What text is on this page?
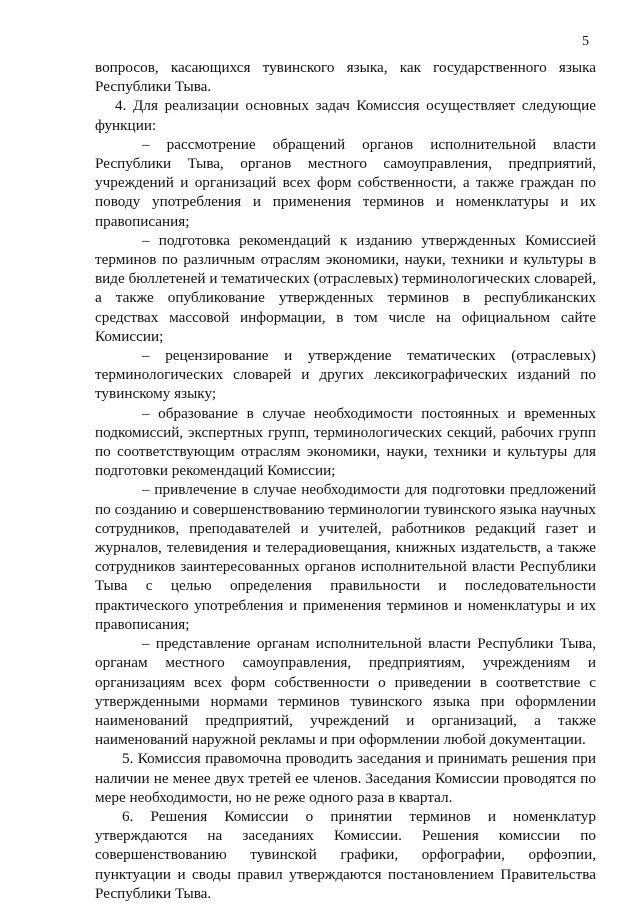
5

вопросов, касающихся тувинского языка, как государственного языка Республики Тыва.

4. Для реализации основных задач Комиссия осуществляет следующие функции:

– рассмотрение обращений органов исполнительной власти Республики Тыва, органов местного самоуправления, предприятий, учреждений и организаций всех форм собственности, а также граждан по поводу употребления и применения терминов и номенклатуры и их правописания;

– подготовка рекомендаций к изданию утвержденных Комиссией терминов по различным отраслям экономики, науки, техники и культуры в виде бюллетеней и тематических (отраслевых) терминологических словарей, а также опубликование утвержденных терминов в республиканских средствах массовой информации, в том числе на официальном сайте Комиссии;

– рецензирование и утверждение тематических (отраслевых) терминологических словарей и других лексикографических изданий по тувинскому языку;

– образование в случае необходимости постоянных и временных подкомиссий, экспертных групп, терминологических секций, рабочих групп по соответствующим отраслям экономики, науки, техники и культуры для подготовки рекомендаций Комиссии;

– привлечение в случае необходимости для подготовки предложений по созданию и совершенствованию терминологии тувинского языка научных сотрудников, преподавателей и учителей, работников редакций газет и журналов, телевидения и телерадиовещания, книжных издательств, а также сотрудников заинтересованных органов исполнительной власти Республики Тыва с целью определения правильности и последовательности практического употребления и применения терминов и номенклатуры и их правописания;

– представление органам исполнительной власти Республики Тыва, органам местного самоуправления, предприятиям, учреждениям и организациям всех форм собственности о приведении в соответствие с утвержденными нормами терминов тувинского языка при оформлении наименований предприятий, учреждений и организаций, а также наименований наружной рекламы и при оформлении любой документации.

5. Комиссия правомочна проводить заседания и принимать решения при наличии не менее двух третей ее членов. Заседания Комиссии проводятся по мере необходимости, но не реже одного раза в квартал.

6. Решения Комиссии о принятии терминов и номенклатур утверждаются на заседаниях Комиссии. Решения комиссии по совершенствованию тувинской графики, орфографии, орфоэпии, пунктуации и своды правил утверждаются постановлением Правительства Республики Тыва.
